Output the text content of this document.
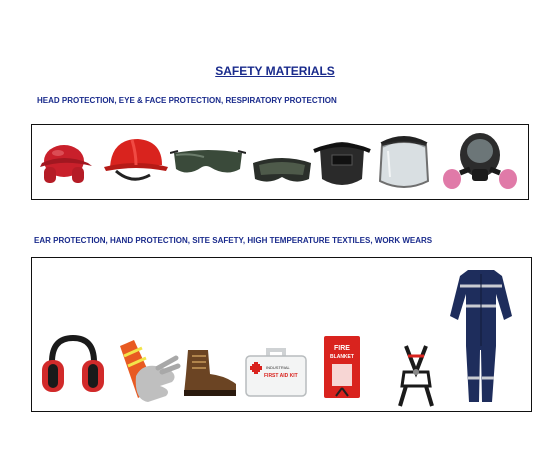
SAFETY MATERIALS
HEAD PROTECTION, EYE & FACE PROTECTION, RESPIRATORY PROTECTION
EAR PROTECTION, HAND PROTECTION, SITE SAFETY, HIGH TEMPERATURE TEXTILES, WORK WEARS
INDUSTRIAL
FIRST AID KIT
FIRE
BLANKET
